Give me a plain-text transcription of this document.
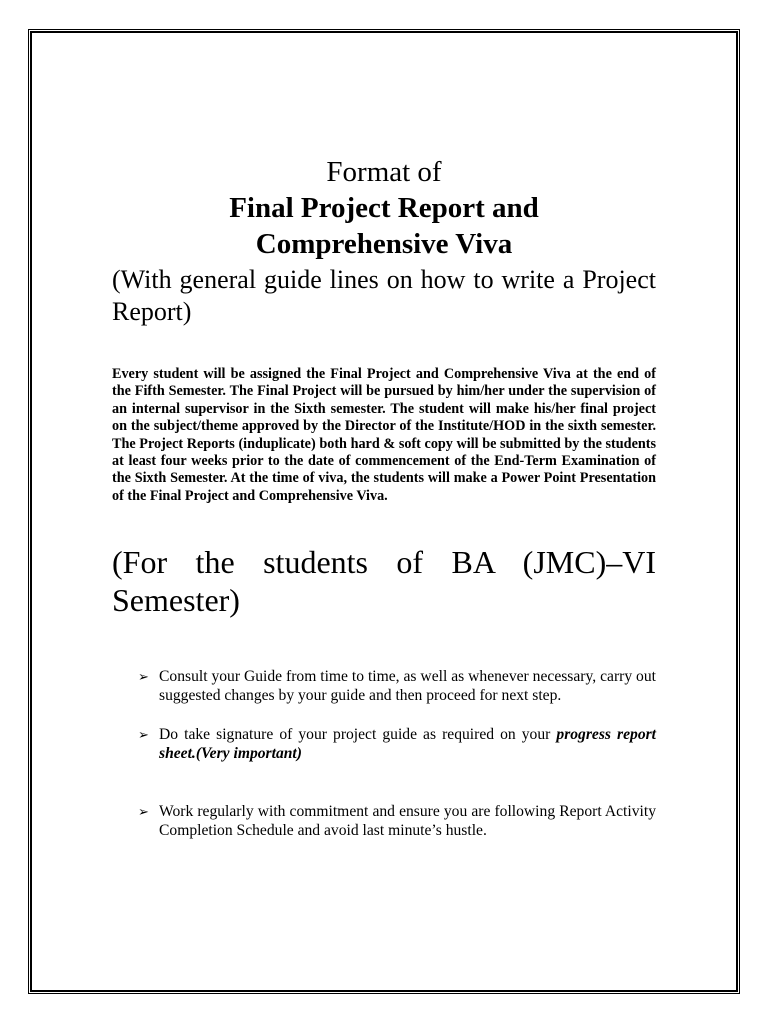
Format of
Final Project Report and
Comprehensive Viva

(With general guide lines on how to write a Project Report)

Every student will be assigned the Final Project and Comprehensive Viva at the end of the Fifth Semester. The Final Project will be pursued by him/her under the supervision of an internal supervisor in the Sixth semester. The student will make his/her final project on the subject/theme approved by the Director of the Institute/HOD in the sixth semester. The Project Reports (induplicate) both hard & soft copy will be submitted by the students at least four weeks prior to the date of commencement of the End-Term Examination of the Sixth Semester. At the time of viva, the students will make a Power Point Presentation of the Final Project and Comprehensive Viva.

(For the students of BA (JMC)–VI Semester)

➢ Consult your Guide from time to time, as well as whenever necessary, carry out suggested changes by your guide and then proceed for next step.
➢ Do take signature of your project guide as required on your progress report sheet.(Very important)
➢ Work regularly with commitment and ensure you are following Report Activity Completion Schedule and avoid last minute’s hustle.
